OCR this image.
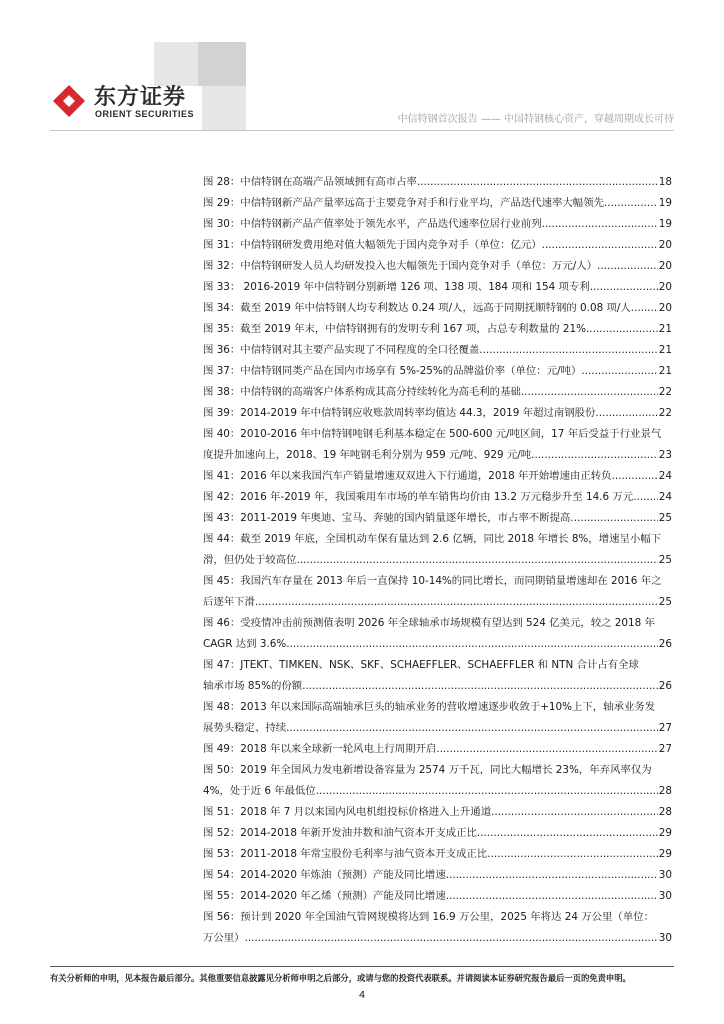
东方证券
ORIENT SECURITIES	中信特钢首次报告 —— 中国特钢核心资产，穿越周期成长可待
图 28：中信特钢在高端产品领域拥有高市占率 .....	18
图 29：中信特钢新产品产量率远高于主要竞争对手和行业平均，产品迭代速率大幅领先 .....	19
图 30：中信特钢新产品产值率处于领先水平，产品迭代速率位居行业前列 .....	19
图 31：中信特钢研发费用绝对值大幅领先于国内竞争对手（单位：亿元） .....	20
图 32：中信特钢研发人员人均研发投入也大幅领先于国内竞争对手（单位：万元/人） .....	20
图 33： 2016-2019 年中信特钢分别新增 126 项、138 项、184 项和 154 项专利 .....	20
图 34：截至 2019 年中信特钢人均专利数达 0.24 项/人，远高于同期抚顺特钢的 0.08 项/人 .....	20
图 35：截至 2019 年末，中信特钢拥有的发明专利 167 项，占总专利数量的 21% .....	21
图 36：中信特钢对其主要产品实现了不同程度的全口径覆盖 .....	21
图 37：中信特钢同类产品在国内市场享有 5%-25%的品牌溢价率（单位：元/吨） .....	21
图 38：中信特钢的高端客户体系构成其高分持续转化为高毛利的基础 .....	22
图 39：2014-2019 年中信特钢应收账款周转率均值达 44.3，2019 年超过南钢股份 .....	22
图 40：2010-2016 年中信特钢吨钢毛利基本稳定在 500-600 元/吨区间，17 年后受益于行业景气
度提升加速向上，2018、19 年吨钢毛利分别为 959 元/吨、929 元/吨 .....	23
图 41：2016 年以来我国汽车产销量增速双双进入下行通道，2018 年开始增速由正转负 .....	24
图 42：2016 年-2019 年，我国乘用车市场的单车销售均价由 13.2 万元稳步升至 14.6 万元 ..... 24
图 43：2011-2019 年奥迪、宝马、奔驰的国内销量逐年增长，市占率不断提高 .....	25
图 44：截至 2019 年底，全国机动车保有量达到 2.6 亿辆，同比 2018 年增长 8%，增速呈小幅下
滑，但仍处于较高位 .....	25
图 45：我国汽车存量在 2013 年后一直保持 10-14%的同比增长，而同期销量增速却在 2016 年之
后逐年下滑 .....	25
图 46：受疫情冲击前预测值表明 2026 年全球轴承市场规模有望达到 524 亿美元，较之 2018 年
CAGR 达到 3.6% .....	26
图 47：JTEKT、TIMKEN、NSK、SKF、SCHAEFFLER、SCHAEFFLER 和 NTN 合计占有全球
轴承市场 85%的份额 .....	26
图 48：2013 年以来国际高端轴承巨头的轴承业务的营收增速逐步收敛于+10%上下，轴承业务发
展势头稳定、持续 .....	27
图 49：2018 年以来全球新一轮风电上行周期开启 .....	27
图 50：2019 年全国风力发电新增设备容量为 2574 万千瓦，同比大幅增长 23%，年弃风率仅为
4%，处于近 6 年最低位 .....	28
图 51：2018 年 7 月以来国内风电机组投标价格进入上升通道 .....	28
图 52：2014-2018 年新开发油井数和油气资本开支成正比 .....	29
图 53：2011-2018 年常宝股份毛利率与油气资本开支成正比 .....	29
图 54：2014-2020 年炼油（预测）产能及同比增速 .....	30
图 55：2014-2020 年乙烯（预测）产能及同比增速 .....	30
图 56：预计到 2020 年全国油气管网规模将达到 16.9 万公里，2025 年将达 24 万公里（单位：
万公里） .....	30
有关分析师的申明，见本报告最后部分。其他重要信息披露见分析师申明之后部分，或请与您的投资代表联系。并请阅读本证券研究报告最后一页的免责申明。
4
